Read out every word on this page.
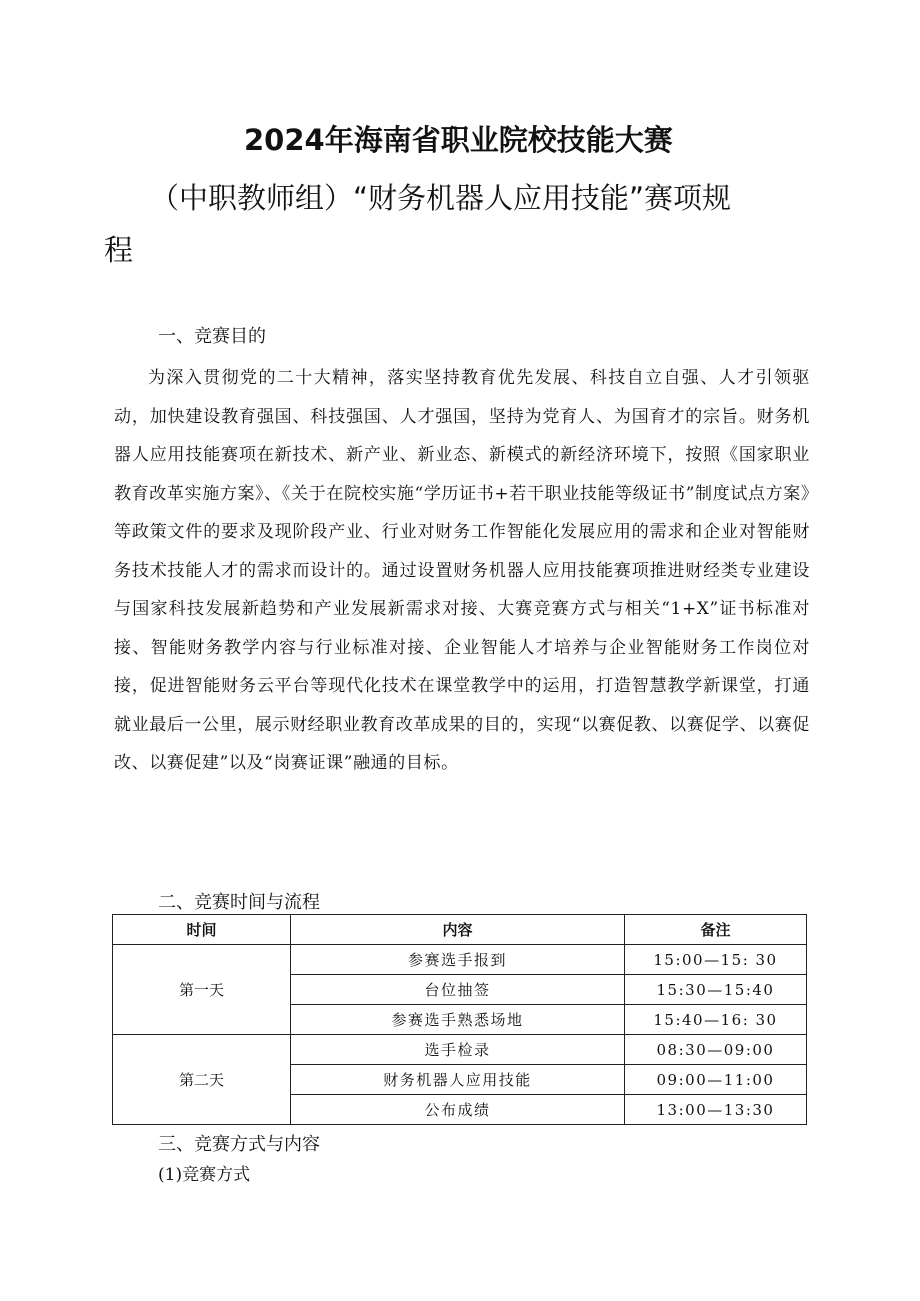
2024年海南省职业院校技能大赛
（中职教师组）“财务机器人应用技能”赛项规
程
一、竞赛目的
为深入贯彻党的二十大精神，落实坚持教育优先发展、科技自立自强、人才引领驱动，加快建设教育强国、科技强国、人才强国，坚持为党育人、为国育才的宗旨。财务机器人应用技能赛项在新技术、新产业、新业态、新模式的新经济环境下，按照《国家职业教育改革实施方案》、《关于在院校实施“学历证书+若干职业技能等级证书”制度试点方案》等政策文件的要求及现阶段产业、行业对财务工作智能化发展应用的需求和企业对智能财务技术技能人才的需求而设计的。通过设置财务机器人应用技能赛项推进财经类专业建设与国家科技发展新趋势和产业发展新需求对接、大赛竞赛方式与相关“1+X”证书标准对接、智能财务教学内容与行业标准对接、企业智能人才培养与企业智能财务工作岗位对接，促进智能财务云平台等现代化技术在课堂教学中的运用，打造智慧教学新课堂，打通就业最后一公里，展示财经职业教育改革成果的目的，实现“以赛促教、以赛促学、以赛促改、以赛促建”以及“岗赛证课”融通的目标。
二、竞赛时间与流程
时间	内容	备注
第一天	参赛选手报到	15:00—15: 30
	台位抽签	15:30—15:40
	参赛选手熟悉场地	15:40—16: 30
第二天	选手检录	08:30—09:00
	财务机器人应用技能	09:00—11:00
	公布成绩	13:00—13:30
三、竞赛方式与内容
(1)竞赛方式
